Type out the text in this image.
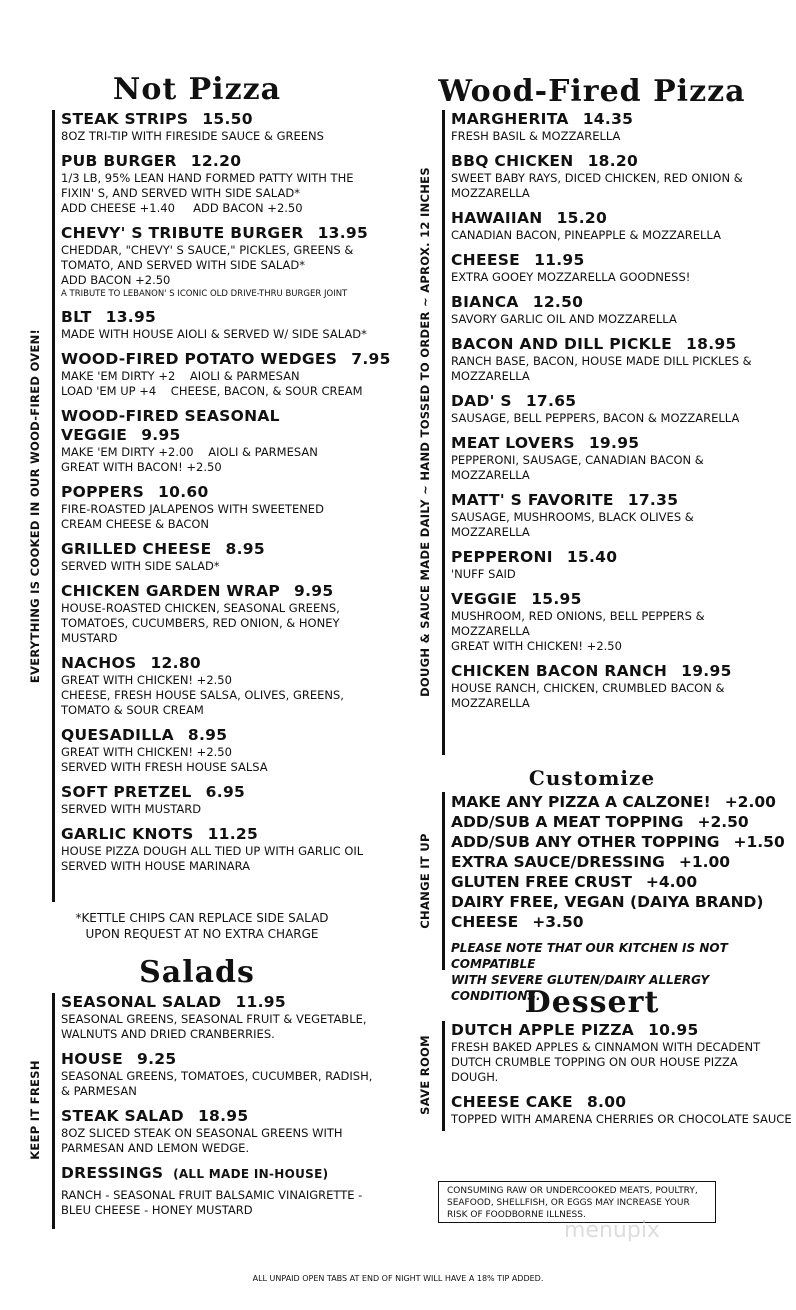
Not Pizza
EVERYTHING IS COOKED IN OUR WOOD-FIRED OVEN!
STEAK STRIPS 15.50
8OZ TRI-TIP WITH FIRESIDE SAUCE & GREENS
PUB BURGER 12.20
1/3 LB, 95% LEAN HAND FORMED PATTY WITH THE
FIXIN' S, AND SERVED WITH SIDE SALAD*
ADD CHEESE +1.40     ADD BACON +2.50
CHEVY' S TRIBUTE BURGER 13.95
CHEDDAR, "CHEVY' S SAUCE," PICKLES, GREENS &
TOMATO, AND SERVED WITH SIDE SALAD*
ADD BACON +2.50
A TRIBUTE TO LEBANON' S ICONIC OLD DRIVE-THRU BURGER JOINT
BLT 13.95
MADE WITH HOUSE AIOLI & SERVED W/ SIDE SALAD*
WOOD-FIRED POTATO WEDGES 7.95
MAKE 'EM DIRTY +2    AIOLI & PARMESAN
LOAD 'EM UP +4    CHEESE, BACON, & SOUR CREAM
WOOD-FIRED SEASONAL VEGGIE 9.95
MAKE 'EM DIRTY +2.00    AIOLI & PARMESAN
GREAT WITH BACON! +2.50
POPPERS 10.60
FIRE-ROASTED JALAPENOS WITH SWEETENED
CREAM CHEESE & BACON
GRILLED CHEESE 8.95
SERVED WITH SIDE SALAD*
CHICKEN GARDEN WRAP 9.95
HOUSE-ROASTED CHICKEN, SEASONAL GREENS,
TOMATOES, CUCUMBERS, RED ONION, & HONEY
MUSTARD
NACHOS 12.80
GREAT WITH CHICKEN! +2.50
CHEESE, FRESH HOUSE SALSA, OLIVES, GREENS,
TOMATO & SOUR CREAM
QUESADILLA 8.95
GREAT WITH CHICKEN! +2.50
SERVED WITH FRESH HOUSE SALSA
SOFT PRETZEL 6.95
SERVED WITH MUSTARD
GARLIC KNOTS 11.25
HOUSE PIZZA DOUGH ALL TIED UP WITH GARLIC OIL
SERVED WITH HOUSE MARINARA
*KETTLE CHIPS CAN REPLACE SIDE SALAD
UPON REQUEST AT NO EXTRA CHARGE
Salads
KEEP IT FRESH
SEASONAL SALAD 11.95
SEASONAL GREENS, SEASONAL FRUIT & VEGETABLE,
WALNUTS AND DRIED CRANBERRIES.
HOUSE 9.25
SEASONAL GREENS, TOMATOES, CUCUMBER, RADISH,
& PARMESAN
STEAK SALAD 18.95
8OZ SLICED STEAK ON SEASONAL GREENS WITH
PARMESAN AND LEMON WEDGE.
DRESSINGS (ALL MADE IN-HOUSE)
RANCH - SEASONAL FRUIT BALSAMIC VINAIGRETTE -
BLEU CHEESE - HONEY MUSTARD
Wood-Fired Pizza
DOUGH & SAUCE MADE DAILY ~ HAND TOSSED TO ORDER ~ APROX. 12 INCHES
MARGHERITA 14.35
FRESH BASIL & MOZZARELLA
BBQ CHICKEN 18.20
SWEET BABY RAYS, DICED CHICKEN, RED ONION &
MOZZARELLA
HAWAIIAN 15.20
CANADIAN BACON, PINEAPPLE & MOZZARELLA
CHEESE 11.95
EXTRA GOOEY MOZZARELLA GOODNESS!
BIANCA 12.50
SAVORY GARLIC OIL AND MOZZARELLA
BACON AND DILL PICKLE 18.95
RANCH BASE, BACON, HOUSE MADE DILL PICKLES &
MOZZARELLA
DAD' S 17.65
SAUSAGE, BELL PEPPERS, BACON & MOZZARELLA
MEAT LOVERS 19.95
PEPPERONI, SAUSAGE, CANADIAN BACON &
MOZZARELLA
MATT' S FAVORITE 17.35
SAUSAGE, MUSHROOMS, BLACK OLIVES &
MOZZARELLA
PEPPERONI 15.40
'NUFF SAID
VEGGIE 15.95
MUSHROOM, RED ONIONS, BELL PEPPERS &
MOZZARELLA
GREAT WITH CHICKEN! +2.50
CHICKEN BACON RANCH 19.95
HOUSE RANCH, CHICKEN, CRUMBLED BACON &
MOZZARELLA
Customize
CHANGE IT UP
MAKE ANY PIZZA A CALZONE! +2.00
ADD/SUB A MEAT TOPPING +2.50
ADD/SUB ANY OTHER TOPPING +1.50
EXTRA SAUCE/DRESSING +1.00
GLUTEN FREE CRUST +4.00
DAIRY FREE, VEGAN (DAIYA BRAND)
CHEESE +3.50
PLEASE NOTE THAT OUR KITCHEN IS NOT COMPATIBLE
WITH SEVERE GLUTEN/DAIRY ALLERGY CONDITIONS.
Dessert
SAVE ROOM
DUTCH APPLE PIZZA 10.95
FRESH BAKED APPLES & CINNAMON WITH DECADENT
DUTCH CRUMBLE TOPPING ON OUR HOUSE PIZZA
DOUGH.
CHEESE CAKE 8.00
TOPPED WITH AMARENA CHERRIES OR CHOCOLATE SAUCE
CONSUMING RAW OR UNDERCOOKED MEATS, POULTRY, SEAFOOD, SHELLFISH, OR EGGS MAY INCREASE YOUR RISK OF FOODBORNE ILLNESS.
menupix
ALL UNPAID OPEN TABS AT END OF NIGHT WILL HAVE A 18% TIP ADDED.
